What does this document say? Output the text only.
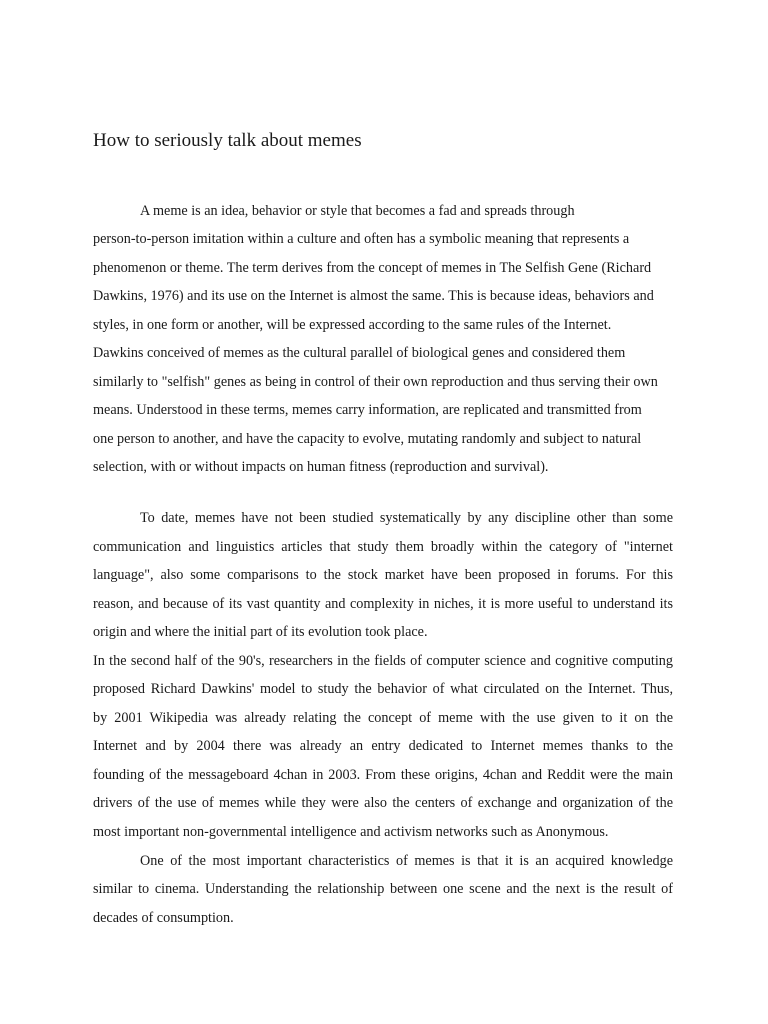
How to seriously talk about memes

A meme is an idea, behavior or style that becomes a fad and spreads through

person-to-person imitation within a culture and often has a symbolic meaning that represents a

phenomenon or theme. The term derives from the concept of memes in The Selfish Gene (Richard

Dawkins, 1976) and its use on the Internet is almost the same. This is because ideas, behaviors and

styles, in one form or another, will be expressed according to the same rules of the Internet.

Dawkins conceived of memes as the cultural parallel of biological genes and considered them

similarly to "selfish" genes as being in control of their own reproduction and thus serving their own

means. Understood in these terms, memes carry information, are replicated and transmitted from

one person to another, and have the capacity to evolve, mutating randomly and subject to natural

selection, with or without impacts on human fitness (reproduction and survival).

To date, memes have not been studied systematically by any discipline other than some

communication and linguistics articles that study them broadly within the category of "internet

language", also some comparisons to the stock market have been proposed in forums. For this

reason, and because of its vast quantity and complexity in niches, it is more useful to understand its

origin and where the initial part of its evolution took place.

In the second half of the 90's, researchers in the fields of computer science and cognitive computing

proposed Richard Dawkins' model to study the behavior of what circulated on the Internet. Thus,

by 2001 Wikipedia was already relating the concept of meme with the use given to it on the

Internet and by 2004 there was already an entry dedicated to Internet memes thanks to the

founding of the messageboard 4chan in 2003. From these origins, 4chan and Reddit were the main

drivers of the use of memes while they were also the centers of exchange and organization of the

most important non-governmental intelligence and activism networks such as Anonymous.

One of the most important characteristics of memes is that it is an acquired knowledge

similar to cinema. Understanding the relationship between one scene and the next is the result of

decades of consumption.
